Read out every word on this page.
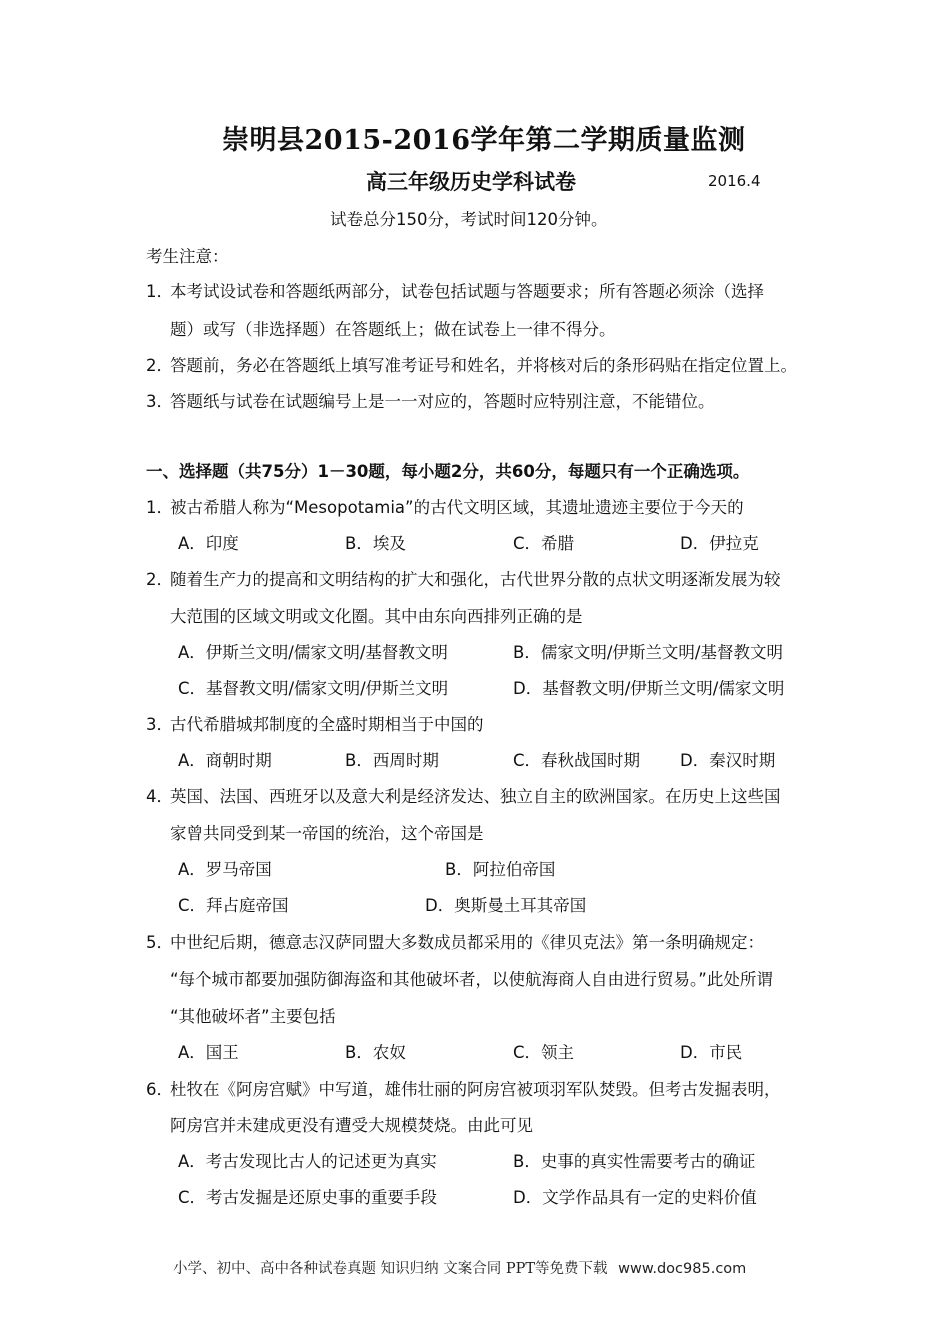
崇明县2015-2016学年第二学期质量监测
高三年级历史学科试卷	2016.4
试卷总分150分，考试时间120分钟。
考生注意：
1．
本考试设试卷和答题纸两部分，试卷包括试题与答题要求；所有答题必须涂（选择
题）或写（非选择题）在答题纸上；做在试卷上一律不得分。
2．
答题前，务必在答题纸上填写准考证号和姓名，并将核对后的条形码贴在指定位置上。
3．
答题纸与试卷在试题编号上是一一对应的，答题时应特别注意，不能错位。
一、选择题（共75分）1－30题，每小题2分，共60分，每题只有一个正确选项。
1．
被古希腊人称为“Mesopotamia”的古代文明区域，其遗址遗迹主要位于今天的
A．印度	B．埃及	C．希腊	D．伊拉克
2．
随着生产力的提高和文明结构的扩大和强化，古代世界分散的点状文明逐渐发展为较
大范围的区域文明或文化圈。其中由东向西排列正确的是
A．伊斯兰文明/儒家文明/基督教文明	B．儒家文明/伊斯兰文明/基督教文明
C．基督教文明/儒家文明/伊斯兰文明	D．基督教文明/伊斯兰文明/儒家文明
3．
古代希腊城邦制度的全盛时期相当于中国的
A．商朝时期	B．西周时期	C．春秋战国时期 D．秦汉时期
4．
英国、法国、西班牙以及意大利是经济发达、独立自主的欧洲国家。在历史上这些国
家曾共同受到某一帝国的统治，这个帝国是
A．罗马帝国	B．阿拉伯帝国
C．拜占庭帝国	D．奥斯曼土耳其帝国
5．
中世纪后期，德意志汉萨同盟大多数成员都采用的《律贝克法》第一条明确规定：
“每个城市都要加强防御海盗和其他破坏者，以使航海商人自由进行贸易。”此处所谓
“其他破坏者”主要包括
A．国王	B．农奴	C．领主	D．市民
6．
杜牧在《阿房宫赋》中写道，雄伟壮丽的阿房宫被项羽军队焚毁。但考古发掘表明，
阿房宫并未建成更没有遭受大规模焚烧。由此可见
A．考古发现比古人的记述更为真实	B．史事的真实性需要考古的确证
C．考古发掘是还原史事的重要手段	D．文学作品具有一定的史料价值
小学、初中、高中各种试卷真题 知识归纳 文案合同 PPT等免费下载 www.doc985.com
